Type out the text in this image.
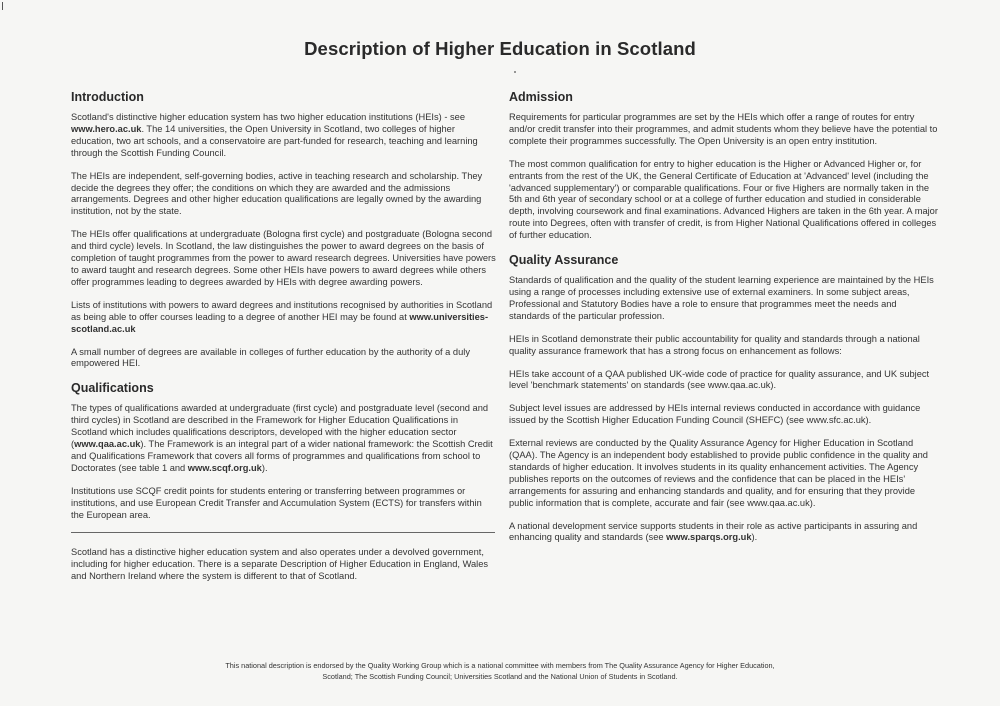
Description of Higher Education in Scotland
Introduction

Scotland's distinctive higher education system has two higher education institutions (HEIs) - see www.hero.ac.uk. The 14 universities, the Open University in Scotland, two colleges of higher education, two art schools, and a conservatoire are part-funded for research, teaching and learning through the Scottish Funding Council.

The HEIs are independent, self-governing bodies, active in teaching research and scholarship. They decide the degrees they offer; the conditions on which they are awarded and the admissions arrangements. Degrees and other higher education qualifications are legally owned by the awarding institution, not by the state.

The HEIs offer qualifications at undergraduate (Bologna first cycle) and postgraduate (Bologna second and third cycle) levels. In Scotland, the law distinguishes the power to award degrees on the basis of completion of taught programmes from the power to award research degrees. Universities have powers to award taught and research degrees. Some other HEIs have powers to award degrees while others offer programmes leading to degrees awarded by HEIs with degree awarding powers.

Lists of institutions with powers to award degrees and institutions recognised by authorities in Scotland as being able to offer courses leading to a degree of another HEI may be found at www.universities-scotland.ac.uk

A small number of degrees are available in colleges of further education by the authority of a duly empowered HEI.

Qualifications

The types of qualifications awarded at undergraduate (first cycle) and postgraduate level (second and third cycles) in Scotland are described in the Framework for Higher Education Qualifications in Scotland which includes qualifications descriptors, developed with the higher education sector (www.qaa.ac.uk). The Framework is an integral part of a wider national framework: the Scottish Credit and Qualifications Framework that covers all forms of programmes and qualifications from school to Doctorates (see table 1 and www.scqf.org.uk).

Institutions use SCQF credit points for students entering or transferring between programmes or institutions, and use European Credit Transfer and Accumulation System (ECTS) for transfers within the European area.

Scotland has a distinctive higher education system and also operates under a devolved government, including for higher education. There is a separate Description of Higher Education in England, Wales and Northern Ireland where the system is different to that of Scotland.

Admission

Requirements for particular programmes are set by the HEIs which offer a range of routes for entry and/or credit transfer into their programmes, and admit students whom they believe have the potential to complete their programmes successfully. The Open University is an open entry institution.

The most common qualification for entry to higher education is the Higher or Advanced Higher or, for entrants from the rest of the UK, the General Certificate of Education at 'Advanced' level (including the 'advanced supplementary') or comparable qualifications. Four or five Highers are normally taken in the 5th and 6th year of secondary school or at a college of further education and studied in considerable depth, involving coursework and final examinations. Advanced Highers are taken in the 6th year. A major route into Degrees, often with transfer of credit, is from Higher National Qualifications offered in colleges of further education.

Quality Assurance

Standards of qualification and the quality of the student learning experience are maintained by the HEIs using a range of processes including extensive use of external examiners. In some subject areas, Professional and Statutory Bodies have a role to ensure that programmes meet the needs and standards of the particular profession.

HEIs in Scotland demonstrate their public accountability for quality and standards through a national quality assurance framework that has a strong focus on enhancement as follows:

HEIs take account of a QAA published UK-wide code of practice for quality assurance, and UK subject level 'benchmark statements' on standards (see www.qaa.ac.uk).

Subject level issues are addressed by HEIs internal reviews conducted in accordance with guidance issued by the Scottish Higher Education Funding Council (SHEFC) (see www.sfc.ac.uk).

External reviews are conducted by the Quality Assurance Agency for Higher Education in Scotland (QAA). The Agency is an independent body established to provide public confidence in the quality and standards of higher education. It involves students in its quality enhancement activities. The Agency publishes reports on the outcomes of reviews and the confidence that can be placed in the HEIs' arrangements for assuring and enhancing standards and quality, and for ensuring that they provide public information that is complete, accurate and fair (see www.qaa.ac.uk).

A national development service supports students in their role as active participants in assuring and enhancing quality and standards (see www.sparqs.org.uk).

This national description is endorsed by the Quality Working Group which is a national committee with members from The Quality Assurance Agency for Higher Education,
Scotland; The Scottish Funding Council; Universities Scotland and the National Union of Students in Scotland.
